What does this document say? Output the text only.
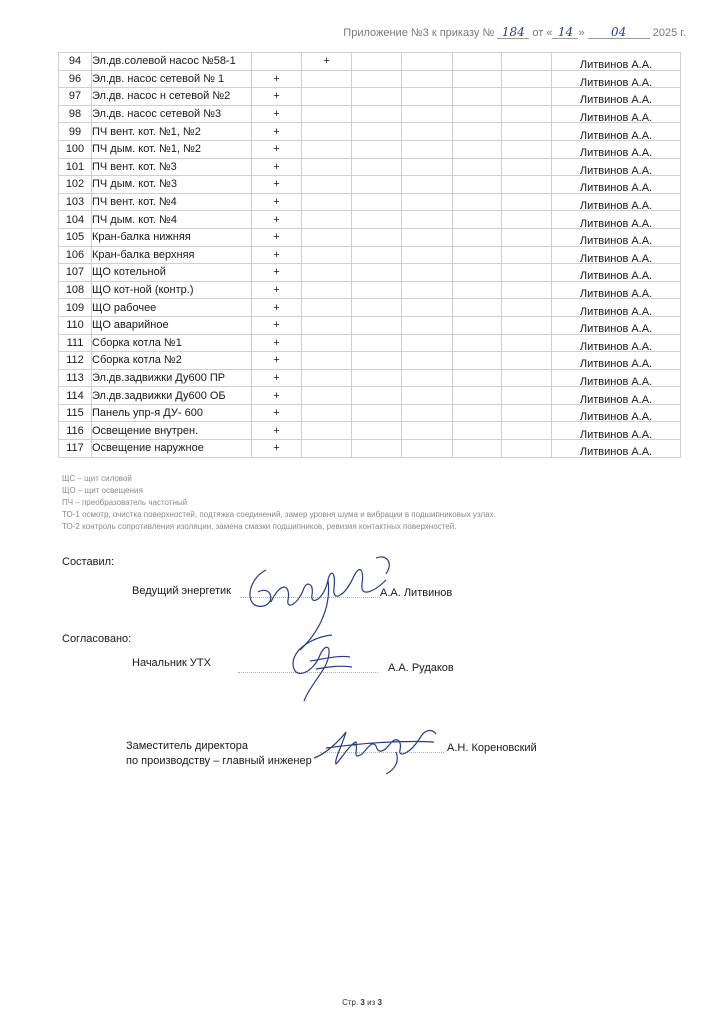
Приложение №3 к приказу № 184 от « 14 » 04 2025 г.
94	Эл.дв.солевой насос №58-1		+					Литвинов А.А.
96	Эл.дв. насос сетевой № 1	+						Литвинов А.А.
97	Эл.дв. насос н сетевой №2	+						Литвинов А.А.
98	Эл.дв. насос сетевой №3	+						Литвинов А.А.
99	ПЧ вент. кот. №1, №2	+						Литвинов А.А.
100	ПЧ дым. кот. №1, №2	+						Литвинов А.А.
101	ПЧ вент. кот. №3	+						Литвинов А.А.
102	ПЧ дым. кот. №3	+						Литвинов А.А.
103	ПЧ вент. кот. №4	+						Литвинов А.А.
104	ПЧ дым. кот. №4	+						Литвинов А.А.
105	Кран-балка нижняя	+						Литвинов А.А.
106	Кран-балка верхняя	+						Литвинов А.А.
107	ЩО котельной	+						Литвинов А.А.
108	ЩО кот-ной (контр.)	+						Литвинов А.А.
109	ЩО рабочее	+						Литвинов А.А.
110	ЩО аварийное	+						Литвинов А.А.
111	Сборка котла №1	+						Литвинов А.А.
112	Сборка котла №2	+						Литвинов А.А.
113	Эл.дв.задвижки Ду600 ПР	+						Литвинов А.А.
114	Эл.дв.задвижки Ду600 ОБ	+						Литвинов А.А.
115	Панель упр-я ДУ- 600	+						Литвинов А.А.
116	Освещение внутрен.	+						Литвинов А.А.
117	Освещение наружное	+						Литвинов А.А.
ЩС – щит силовой
ЩО – щит освещения
ПЧ – преобразователь частотный
ТО-1 осмотр, очистка поверхностей, подтяжка соединений, замер уровня шума и вибрации в подшипниковых узлах.
ТО-2 контроль сопротивления изоляции, замена смазки подшипников, ревизия контактных поверхностей.
Составил:
Ведущий энергетик	А.А. Литвинов
Согласовано:
Начальник УТХ	А.А. Рудаков
Заместитель директора
по производству – главный инженер
А.Н. Кореновский
Стр. 3 из 3
